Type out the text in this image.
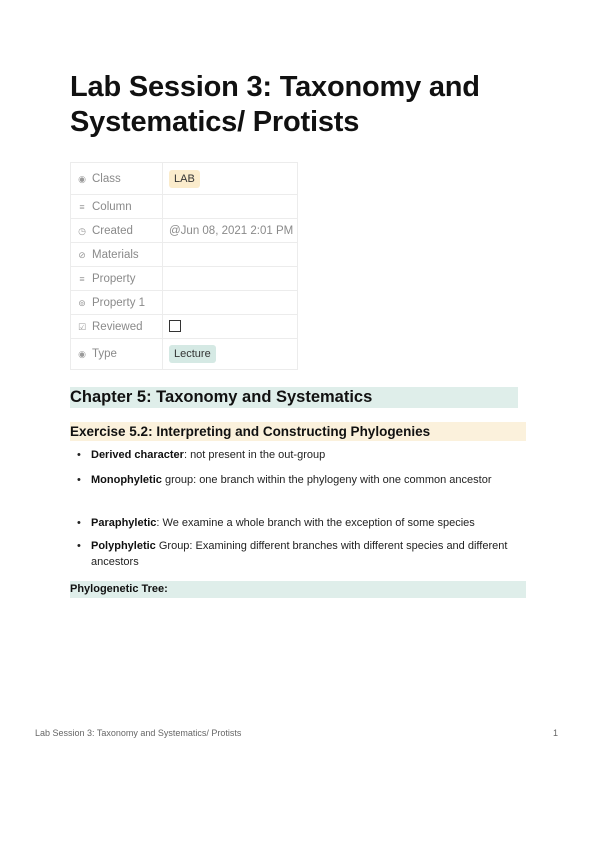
Lab Session 3: Taxonomy and Systematics/ Protists
◉ Class	LAB
≡ Column	
◷ Created	@Jun 08, 2021 2:01 PM
⊘ Materials	
≡ Property	
⊚ Property 1	
☑ Reviewed	
◉ Type	Lecture
Chapter 5: Taxonomy and Systematics
Exercise 5.2: Interpreting and Constructing Phylogenies
• Derived character: not present in the out-group
• Monophyletic group: one branch within the phylogeny with one common ancestor
• Paraphyletic: We examine a whole branch with the exception of some species
• Polyphyletic Group: Examining different branches with different species and different ancestors
Phylogenetic Tree:
Lab Session 3: Taxonomy and Systematics/ Protists	1
